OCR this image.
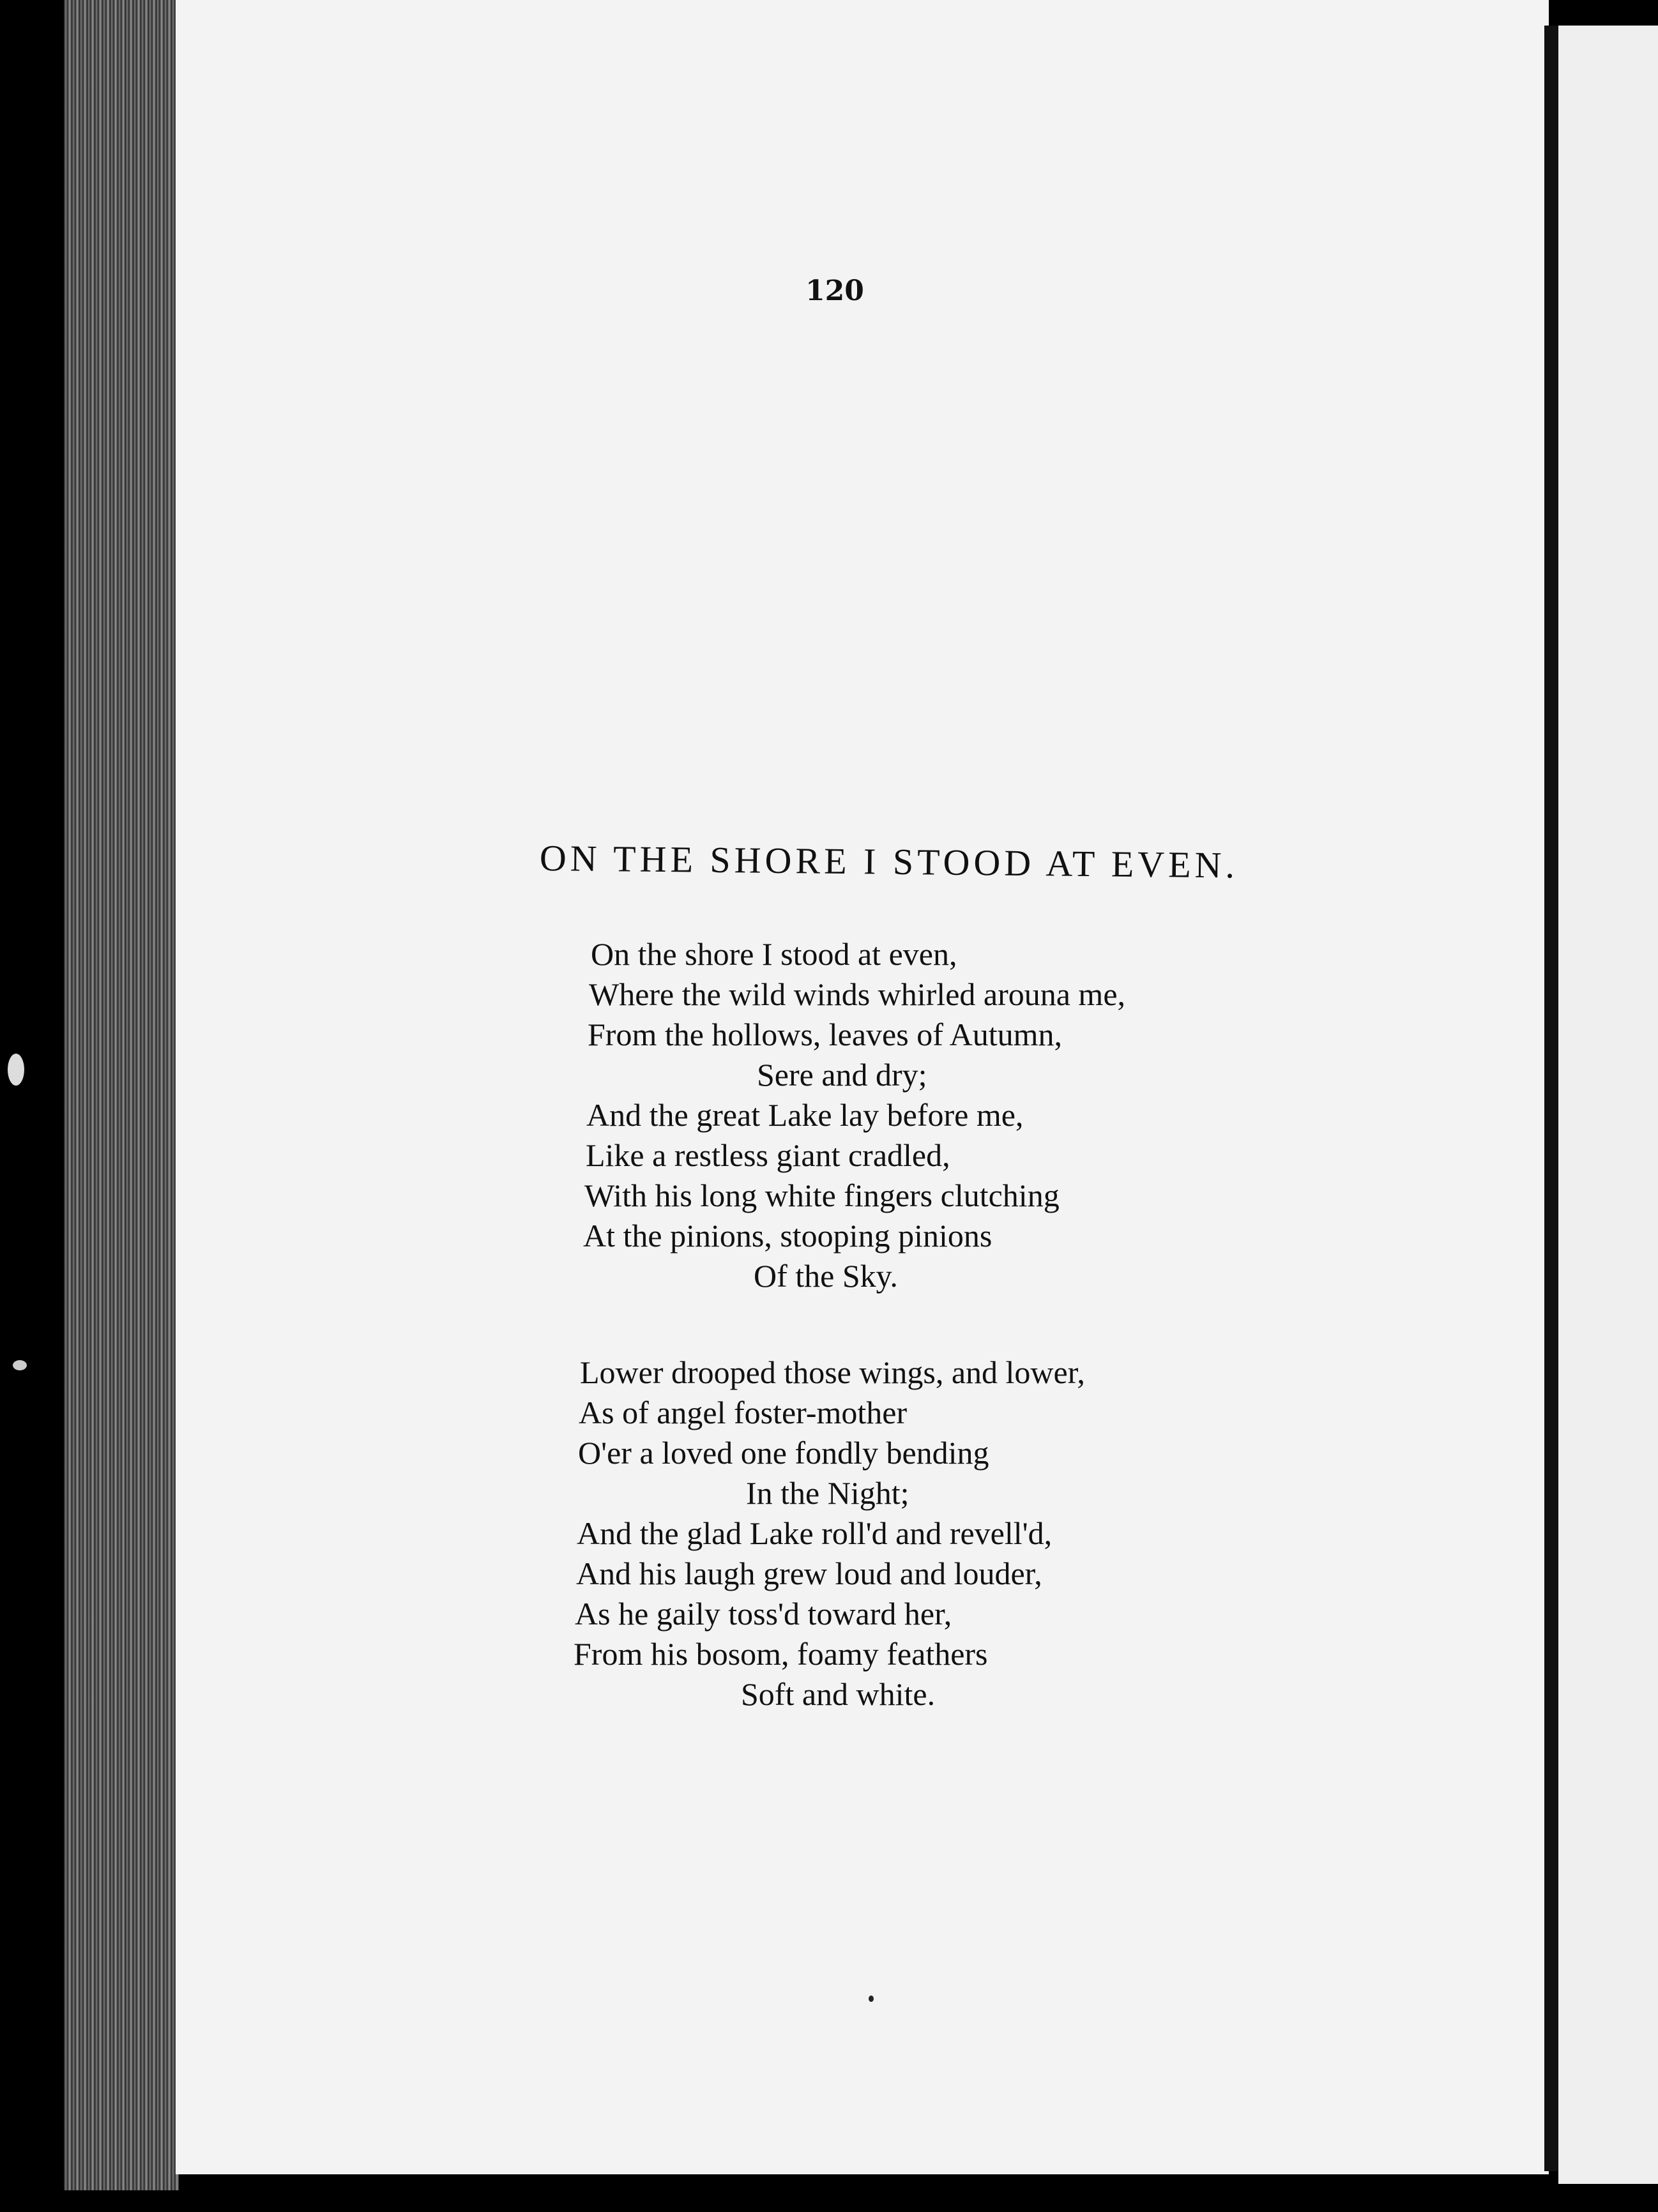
120
ON THE SHORE I STOOD AT EVEN.
On the shore I stood at even,
Where the wild winds whirled arouna me,
From the hollows, leaves of Autumn,
Sere and dry;
And the great Lake lay before me,
Like a restless giant cradled,
With his long white fingers clutching
At the pinions, stooping pinions
Of the Sky.
Lower drooped those wings, and lower,
As of angel foster-mother
O'er a loved one fondly bending
In the Night;
And the glad Lake roll'd and revell'd,
And his laugh grew loud and louder,
As he gaily toss'd toward her,
From his bosom, foamy feathers
Soft and white.
